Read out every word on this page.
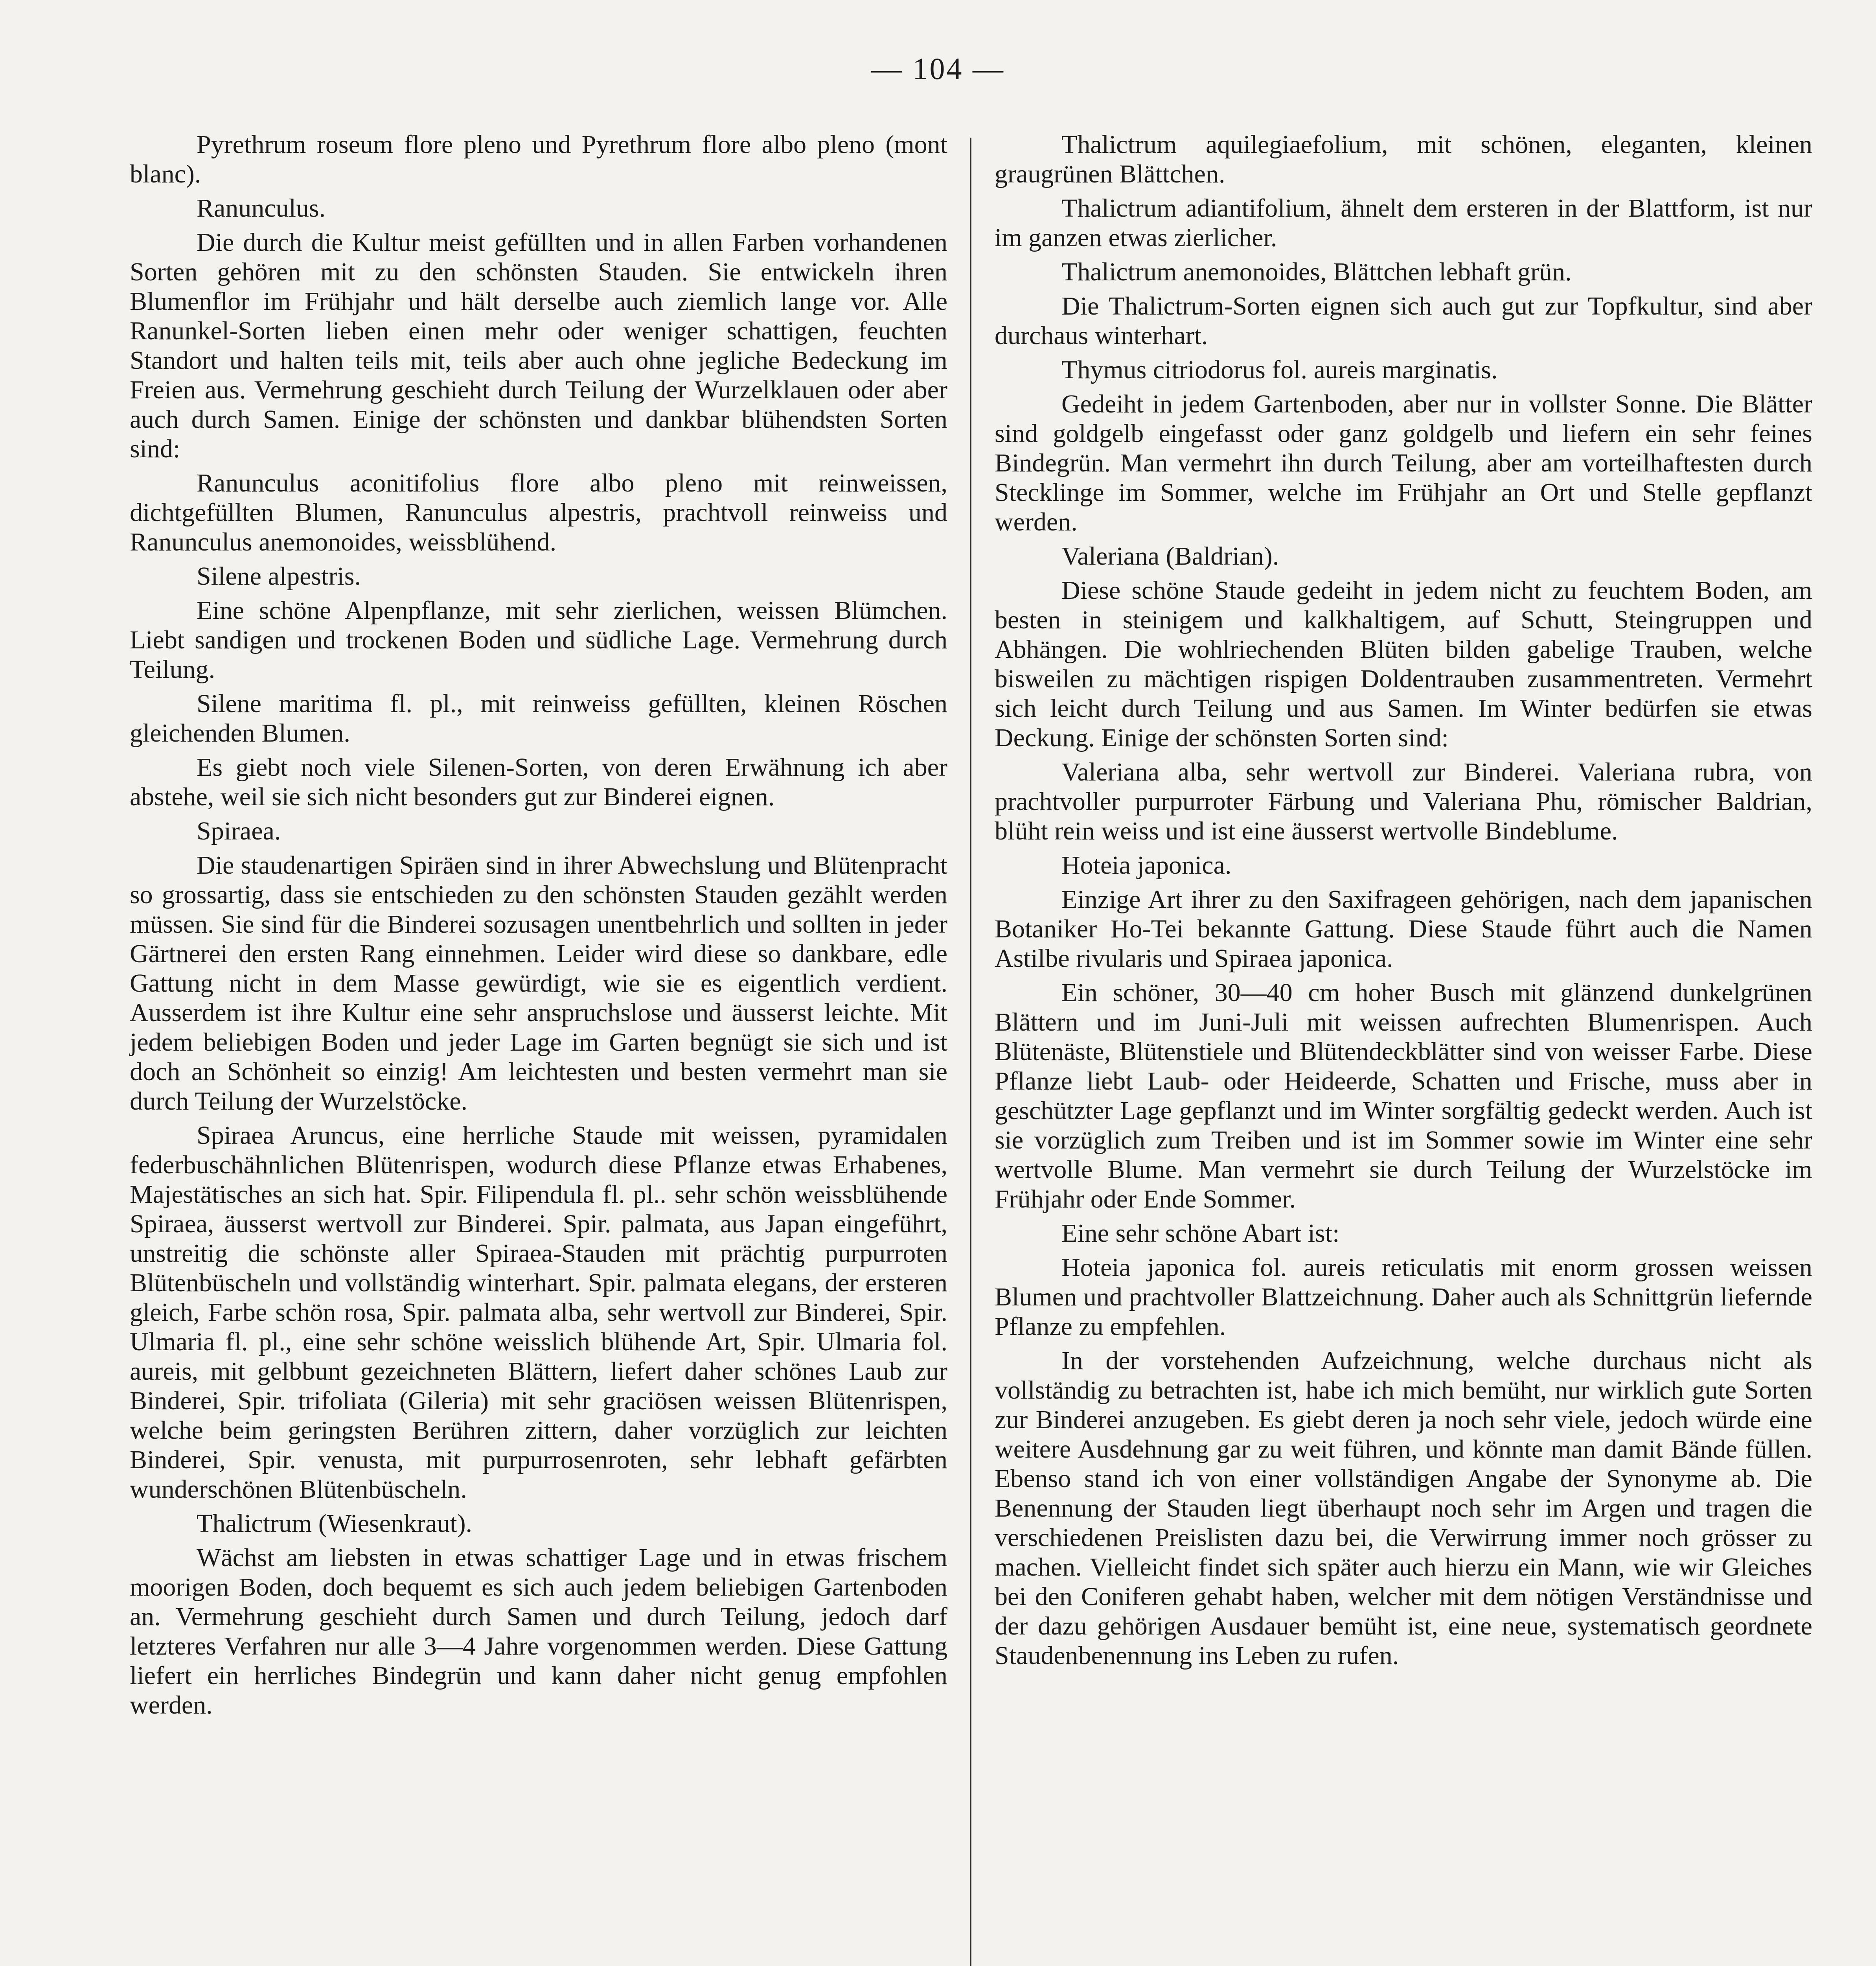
— 104 —

Pyrethrum roseum flore pleno und Pyrethrum flore albo pleno (mont blanc).

Ranunculus.

Die durch die Kultur meist gefüllten und in allen Farben vorhandenen Sorten gehören mit zu den schönsten Stauden. Sie entwickeln ihren Blumenflor im Frühjahr und hält derselbe auch ziemlich lange vor. Alle Ranunkel-Sorten lieben einen mehr oder weniger schattigen, feuchten Standort und halten teils mit, teils aber auch ohne jegliche Bedeckung im Freien aus. Vermehrung geschieht durch Teilung der Wurzelklauen oder aber auch durch Samen. Einige der schönsten und dankbar blühendsten Sorten sind:

Ranunculus aconitifolius flore albo pleno mit reinweissen, dichtgefüllten Blumen, Ranunculus alpestris, prachtvoll reinweiss und Ranunculus anemonoides, weissblühend.

Silene alpestris.

Eine schöne Alpenpflanze, mit sehr zierlichen, weissen Blümchen. Liebt sandigen und trockenen Boden und südliche Lage. Vermehrung durch Teilung.

Silene maritima fl. pl., mit reinweiss gefüllten, kleinen Röschen gleichenden Blumen.

Es giebt noch viele Silenen-Sorten, von deren Erwähnung ich aber abstehe, weil sie sich nicht besonders gut zur Binderei eignen.

Spiraea.

Die staudenartigen Spiräen sind in ihrer Abwechslung und Blütenpracht so grossartig, dass sie entschieden zu den schönsten Stauden gezählt werden müssen. Sie sind für die Binderei sozusagen unentbehrlich und sollten in jeder Gärtnerei den ersten Rang einnehmen. Leider wird diese so dankbare, edle Gattung nicht in dem Masse gewürdigt, wie sie es eigentlich verdient. Ausserdem ist ihre Kultur eine sehr anspruchslose und äusserst leichte. Mit jedem beliebigen Boden und jeder Lage im Garten begnügt sie sich und ist doch an Schönheit so einzig! Am leichtesten und besten vermehrt man sie durch Teilung der Wurzelstöcke.

Spiraea Aruncus, eine herrliche Staude mit weissen, pyramidalen federbuschähnlichen Blütenrispen, wodurch diese Pflanze etwas Erhabenes, Majestätisches an sich hat. Spir. Filipendula fl. pl.. sehr schön weissblühende Spiraea, äusserst wertvoll zur Binderei. Spir. palmata, aus Japan eingeführt, unstreitig die schönste aller Spiraea-Stauden mit prächtig purpurroten Blütenbüscheln und vollständig winterhart. Spir. palmata elegans, der ersteren gleich, Farbe schön rosa, Spir. palmata alba, sehr wertvoll zur Binderei, Spir. Ulmaria fl. pl., eine sehr schöne weisslich blühende Art, Spir. Ulmaria fol. aureis, mit gelbbunt gezeichneten Blättern, liefert daher schönes Laub zur Binderei, Spir. trifoliata (Gileria) mit sehr graciösen weissen Blütenrispen, welche beim geringsten Berühren zittern, daher vorzüglich zur leichten Binderei, Spir. venusta, mit purpurrosenroten, sehr lebhaft gefärbten wunderschönen Blütenbüscheln.

Thalictrum (Wiesenkraut).

Wächst am liebsten in etwas schattiger Lage und in etwas frischem moorigen Boden, doch bequemt es sich auch jedem beliebigen Gartenboden an. Vermehrung geschieht durch Samen und durch Teilung, jedoch darf letzteres Verfahren nur alle 3—4 Jahre vorgenommen werden. Diese Gattung liefert ein herrliches Bindegrün und kann daher nicht genug empfohlen werden.

Thalictrum aquilegiaefolium, mit schönen, eleganten, kleinen graugrünen Blättchen.

Thalictrum adiantifolium, ähnelt dem ersteren in der Blattform, ist nur im ganzen etwas zierlicher.

Thalictrum anemonoides, Blättchen lebhaft grün.

Die Thalictrum-Sorten eignen sich auch gut zur Topfkultur, sind aber durchaus winterhart.

Thymus citriodorus fol. aureis marginatis.

Gedeiht in jedem Gartenboden, aber nur in vollster Sonne. Die Blätter sind goldgelb eingefasst oder ganz goldgelb und liefern ein sehr feines Bindegrün. Man vermehrt ihn durch Teilung, aber am vorteilhaftesten durch Stecklinge im Sommer, welche im Frühjahr an Ort und Stelle gepflanzt werden.

Valeriana (Baldrian).

Diese schöne Staude gedeiht in jedem nicht zu feuchtem Boden, am besten in steinigem und kalkhaltigem, auf Schutt, Steingruppen und Abhängen. Die wohlriechenden Blüten bilden gabelige Trauben, welche bisweilen zu mächtigen rispigen Doldentrauben zusammentreten. Vermehrt sich leicht durch Teilung und aus Samen. Im Winter bedürfen sie etwas Deckung. Einige der schönsten Sorten sind:

Valeriana alba, sehr wertvoll zur Binderei. Valeriana rubra, von prachtvoller purpurroter Färbung und Valeriana Phu, römischer Baldrian, blüht rein weiss und ist eine äusserst wertvolle Bindeblume.

Hoteia japonica.

Einzige Art ihrer zu den Saxifrageen gehörigen, nach dem japanischen Botaniker Ho-Tei bekannte Gattung. Diese Staude führt auch die Namen Astilbe rivularis und Spiraea japonica.

Ein schöner, 30—40 cm hoher Busch mit glänzend dunkelgrünen Blättern und im Juni-Juli mit weissen aufrechten Blumenrispen. Auch Blütenäste, Blütenstiele und Blütendeckblätter sind von weisser Farbe. Diese Pflanze liebt Laub- oder Heideerde, Schatten und Frische, muss aber in geschützter Lage gepflanzt und im Winter sorgfältig gedeckt werden. Auch ist sie vorzüglich zum Treiben und ist im Sommer sowie im Winter eine sehr wertvolle Blume. Man vermehrt sie durch Teilung der Wurzelstöcke im Frühjahr oder Ende Sommer.

Eine sehr schöne Abart ist:

Hoteia japonica fol. aureis reticulatis mit enorm grossen weissen Blumen und prachtvoller Blattzeichnung. Daher auch als Schnittgrün liefernde Pflanze zu empfehlen.

In der vorstehenden Aufzeichnung, welche durchaus nicht als vollständig zu betrachten ist, habe ich mich bemüht, nur wirklich gute Sorten zur Binderei anzugeben. Es giebt deren ja noch sehr viele, jedoch würde eine weitere Ausdehnung gar zu weit führen, und könnte man damit Bände füllen. Ebenso stand ich von einer vollständigen Angabe der Synonyme ab. Die Benennung der Stauden liegt überhaupt noch sehr im Argen und tragen die verschiedenen Preislisten dazu bei, die Verwirrung immer noch grösser zu machen. Vielleicht findet sich später auch hierzu ein Mann, wie wir Gleiches bei den Coniferen gehabt haben, welcher mit dem nötigen Verständnisse und der dazu gehörigen Ausdauer bemüht ist, eine neue, systematisch geordnete Staudenbenennung ins Leben zu rufen.
